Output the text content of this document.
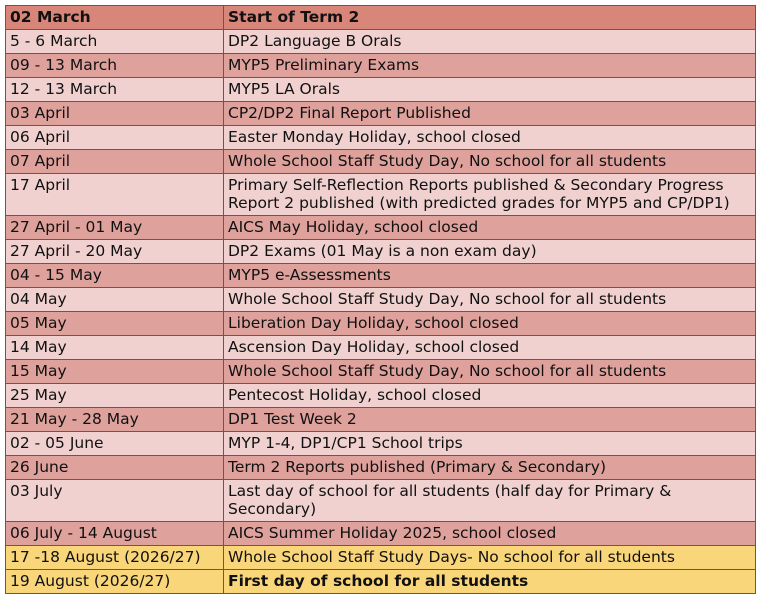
02 March	Start of Term 2
5 - 6 March	DP2 Language B Orals
09 - 13 March	MYP5 Preliminary Exams
12 - 13 March	MYP5 LA Orals
03 April	CP2/DP2 Final Report Published
06 April	Easter Monday Holiday, school closed
07 April	Whole School Staff Study Day, No school for all students
17 April	Primary Self-Reflection Reports published & Secondary Progress Report 2 published (with predicted grades for MYP5 and CP/DP1)
27 April - 01 May	AICS May Holiday, school closed
27 April - 20 May	DP2 Exams (01 May is a non exam day)
04 - 15 May	MYP5 e-Assessments
04 May	Whole School Staff Study Day, No school for all students
05 May	Liberation Day Holiday, school closed
14 May	Ascension Day Holiday, school closed
15 May	Whole School Staff Study Day, No school for all students
25 May	Pentecost Holiday, school closed
21 May - 28 May	DP1 Test Week 2
02 - 05 June	MYP 1-4, DP1/CP1 School trips
26 June	Term 2 Reports published (Primary & Secondary)
03 July	Last day of school for all students (half day for Primary & Secondary)
06 July - 14 August	AICS Summer Holiday 2025, school closed
17 -18 August (2026/27)	Whole School Staff Study Days- No school for all students
19 August (2026/27)	First day of school for all students
